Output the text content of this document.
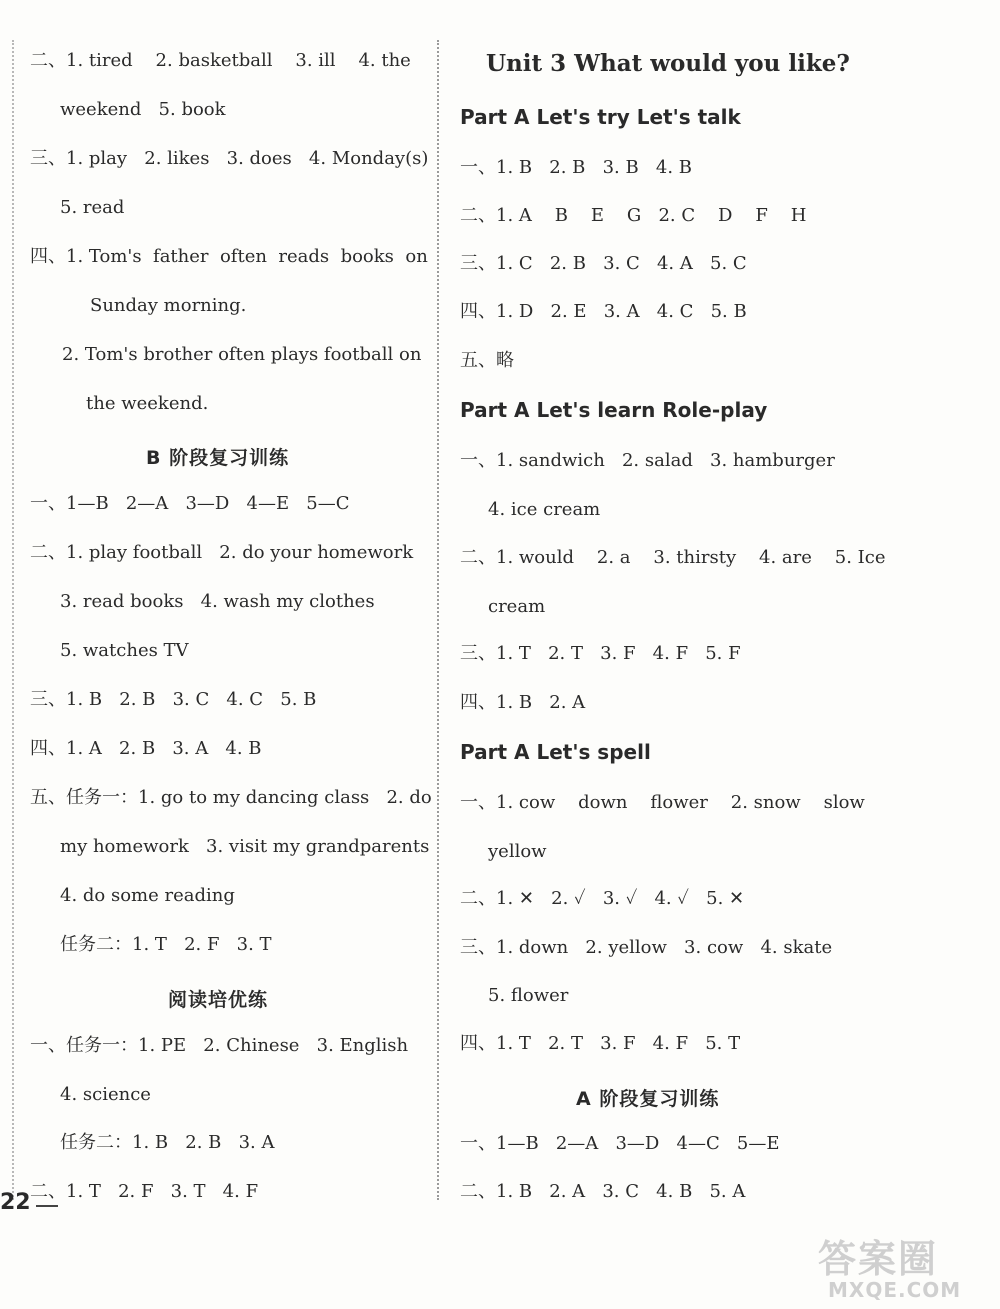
二、1. tired    2. basketball    3. ill    4. the
weekend   5. book
三、1. play   2. likes   3. does   4. Monday(s)
5. read
四、1. Tom's  father  often  reads  books  on
Sunday morning.
2. Tom's brother often plays football on
the weekend.
B 阶段复习训练
一、1—B   2—A   3—D   4—E   5—C
二、1. play football   2. do your homework
3. read books   4. wash my clothes
5. watches TV
三、1. B   2. B   3. C   4. C   5. B
四、1. A   2. B   3. A   4. B
五、任务一：1. go to my dancing class   2. do
my homework   3. visit my grandparents
4. do some reading
任务二：1. T   2. F   3. T
阅读培优练
一、任务一：1. PE   2. Chinese   3. English
4. science
任务二：1. B   2. B   3. A
二、1. T   2. F   3. T   4. F
Unit 3 What would you like?
Part A Let's try Let's talk
一、1. B   2. B   3. B   4. B
二、1. A    B    E    G   2. C    D    F    H
三、1. C   2. B   3. C   4. A   5. C
四、1. D   2. E   3. A   4. C   5. B
五、略
Part A Let's learn Role-play
一、1. sandwich   2. salad   3. hamburger
4. ice cream
二、1. would    2. a    3. thirsty    4. are    5. Ice
cream
三、1. T   2. T   3. F   4. F   5. F
四、1. B   2. A
Part A Let's spell
一、1. cow    down    flower    2. snow    slow
yellow
二、1. ✕   2. ✓   3. ✓   4. ✓   5. ✕
三、1. down   2. yellow   3. cow   4. skate
5. flower
四、1. T   2. T   3. F   4. F   5. T
A 阶段复习训练
一、1—B   2—A   3—D   4—C   5—E
二、1. B   2. A   3. C   4. B   5. A
22
答案圈
MXQE.COM
